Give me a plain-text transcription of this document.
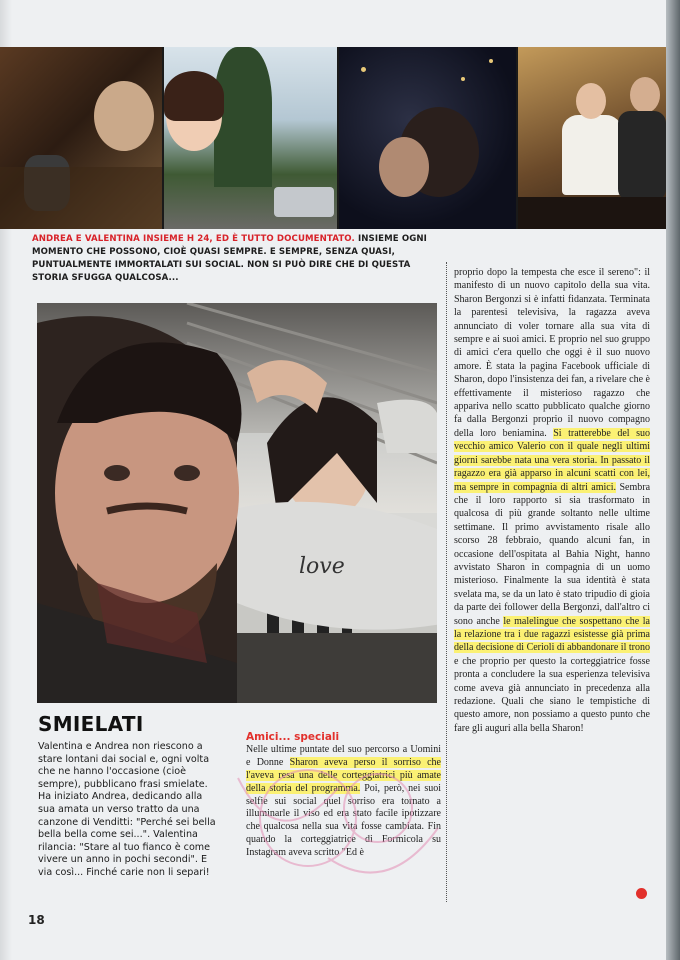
ANDREA E VALENTINA INSIEME H 24, ED È TUTTO DOCUMENTATO. INSIEME OGNI MOMENTO CHE POSSONO, CIOÈ QUASI SEMPRE. E SEMPRE, SENZA QUASI, PUNTUALMENTE IMMORTALATI SUI SOCIAL. NON SI PUÒ DIRE CHE DI QUESTA STORIA SFUGGA QUALCOSA...
love
SMIELATI

Valentina e Andrea non riescono a stare lontani dai social e, ogni volta che ne hanno l'occasione (cioè sempre), pubblicano frasi smielate. Ha iniziato Andrea, dedicando alla sua amata un verso tratto da una canzone di Venditti: "Perché sei bella bella bella come sei...". Valentina rilancia: "Stare al tuo fianco è come vivere un anno in pochi secondi". E via così... Finché carie non li separi!

Amici... speciali

Nelle ultime puntate del suo percorso a Uomini e Donne Sharon aveva perso il sorriso che l'aveva resa una delle corteggiatrici più amate della storia del programma. Poi, però, nei suoi selfie sui social quel sorriso era tornato a illuminarle il viso ed era stato facile ipotizzare che qualcosa nella sua vita fosse cambiata. Fin quando la corteggiatrice di Formicola su Instagram aveva scritto "Ed è

proprio dopo la tempesta che esce il sereno": il manifesto di un nuovo capitolo della sua vita. Sharon Bergonzi si è infatti fidanzata. Terminata la parentesi televisiva, la ragazza aveva annunciato di voler tornare alla sua vita di sempre e ai suoi amici. E proprio nel suo gruppo di amici c'era quello che oggi è il suo nuovo amore. È stata la pagina Facebook ufficiale di Sharon, dopo l'insistenza dei fan, a rivelare che è effettivamente il misterioso ragazzo che appariva nello scatto pubblicato qualche giorno fa dalla Bergonzi proprio il nuovo compagno della loro beniamina. Si tratterebbe del suo vecchio amico Valerio con il quale negli ultimi giorni sarebbe nata una vera storia. In passato il ragazzo era già apparso in alcuni scatti con lei, ma sempre in compagnia di altri amici. Sembra che il loro rapporto si sia trasformato in qualcosa di più grande soltanto nelle ultime settimane. Il primo avvistamento risale allo scorso 28 febbraio, quando alcuni fan, in occasione dell'ospitata al Bahia Night, hanno avvistato Sharon in compagnia di un uomo misterioso. Finalmente la sua identità è stata svelata ma, se da un lato è stato tripudio di gioia da parte dei follower della Bergonzi, dall'altro ci sono anche le malelingue che sospettano che la la relazione tra i due ragazzi esistesse già prima della decisione di Cerioli di abbandonare il trono e che proprio per questo la corteggiatrice fosse pronta a concludere la sua esperienza televisiva come aveva già annunciato in precedenza alla redazione. Quali che siano le tempistiche di questo amore, non possiamo a questo punto che fare gli auguri alla bella Sharon!

18
